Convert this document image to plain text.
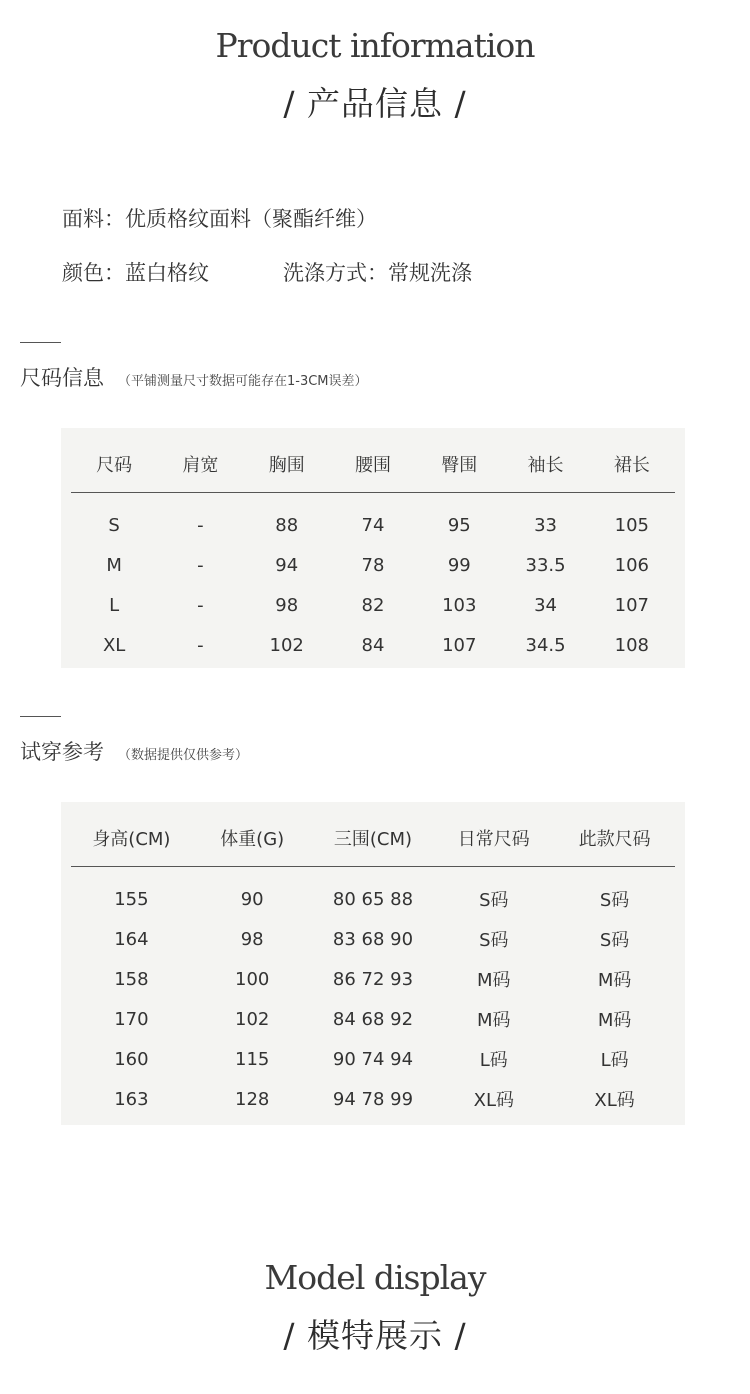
Product information
/ 产品信息 /
面料：优质格纹面料（聚酯纤维）
颜色：蓝白格纹	洗涤方式：常规洗涤
尺码信息 （平铺测量尺寸数据可能存在1-3CM误差）
尺码	肩宽	胸围	腰围	臀围	袖长	裙长

S	-	88	74	95	33	105
M	-	94	78	99	33.5	106
L	-	98	82	103	34	107
XL	-	102	84	107	34.5	108
试穿参考 （数据提供仅供参考）
身高(CM)	体重(G)	三围(CM)	日常尺码	此款尺码

155	90	80 65 88	S码	S码
164	98	83 68 90	S码	S码
158	100	86 72 93	M码	M码
170	102	84 68 92	M码	M码
160	115	90 74 94	L码	L码
163	128	94 78 99	XL码	XL码
Model display
/ 模特展示 /
